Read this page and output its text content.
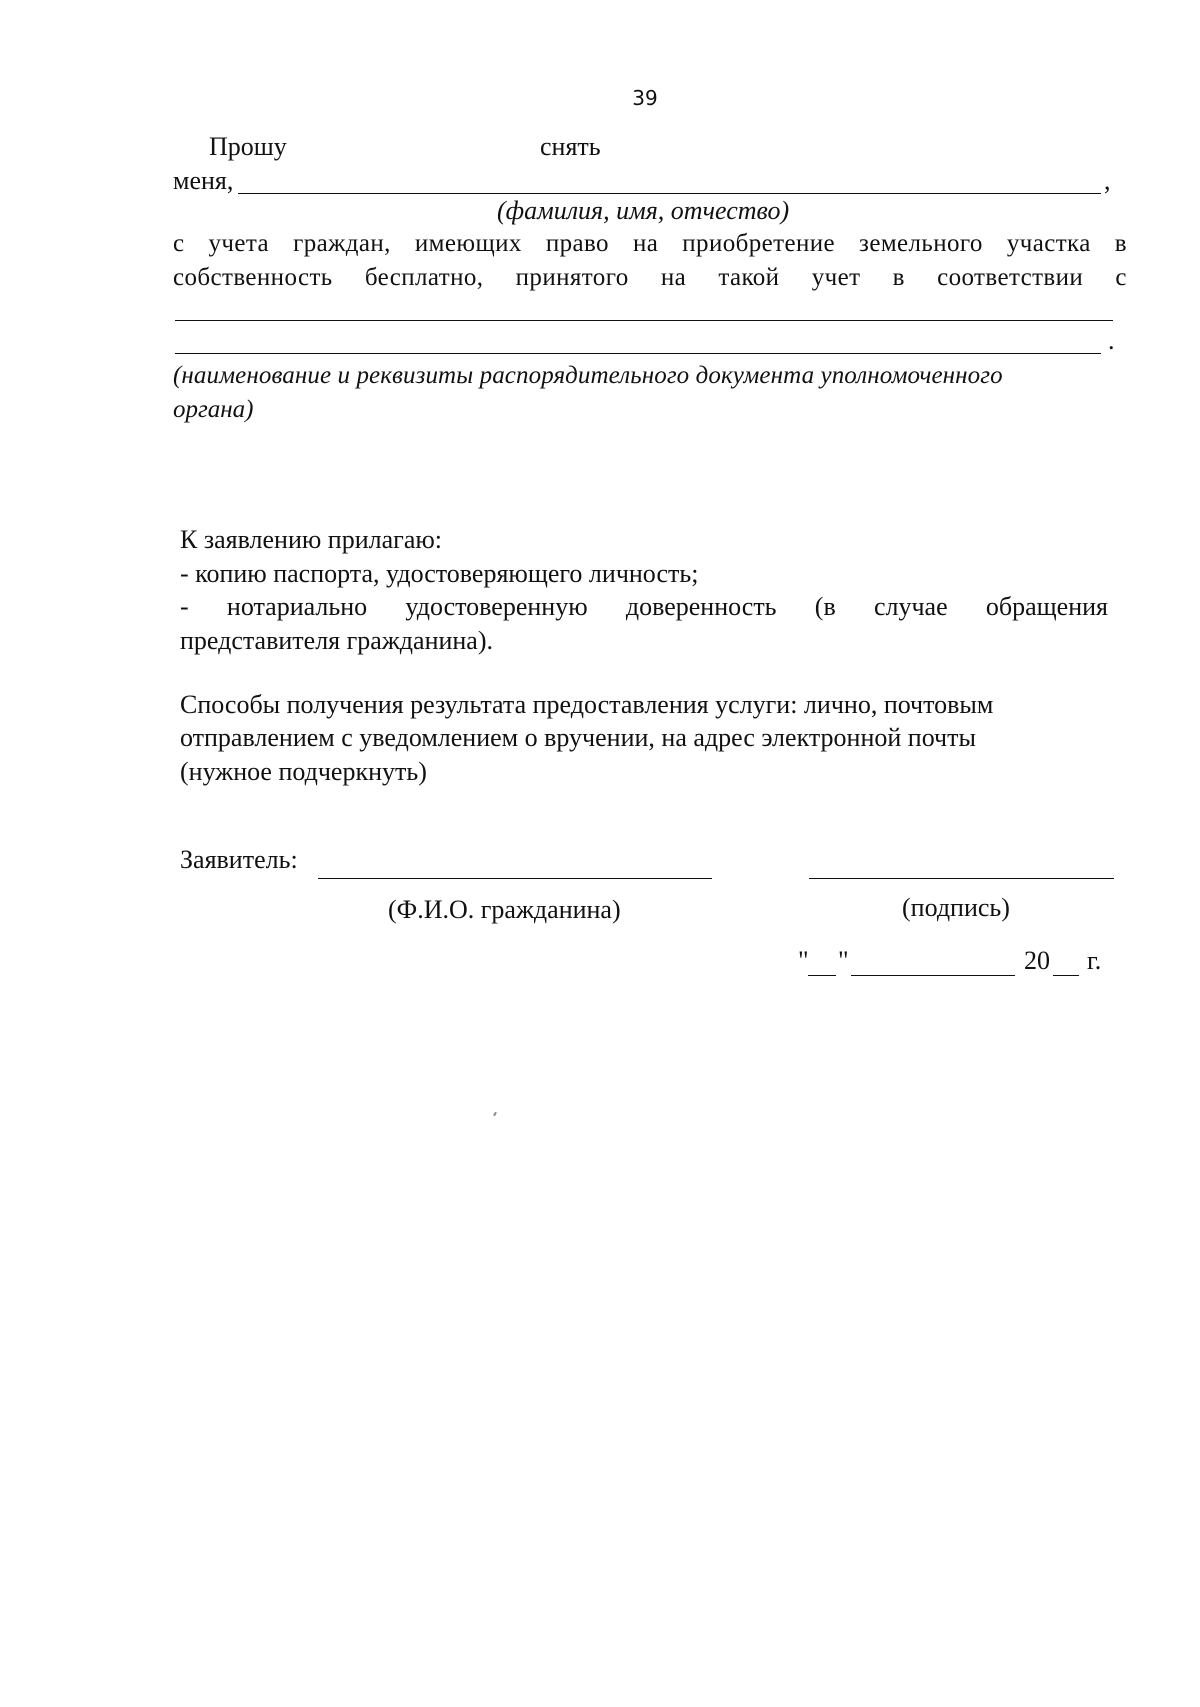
39
Прошу	снять
меня,	,
(фамилия, имя, отчество)
с учета граждан, имеющих право на приобретение земельного участка в
собственность бесплатно, принятого на такой учет в соответствии с
.
(наименование и реквизиты распорядительного документа уполномоченного
органа)
К заявлению прилагаю:
- копию паспорта, удостоверяющего личность;
- нотариально удостоверенную доверенность (в случае обращения
представителя гражданина).
Способы получения результата предоставления услуги: лично, почтовым
отправлением с уведомлением о вручении, на адрес электронной почты
(нужное подчеркнуть)
Заявитель:
(Ф.И.О. гражданина)	(подпись)
" "	20 г.
